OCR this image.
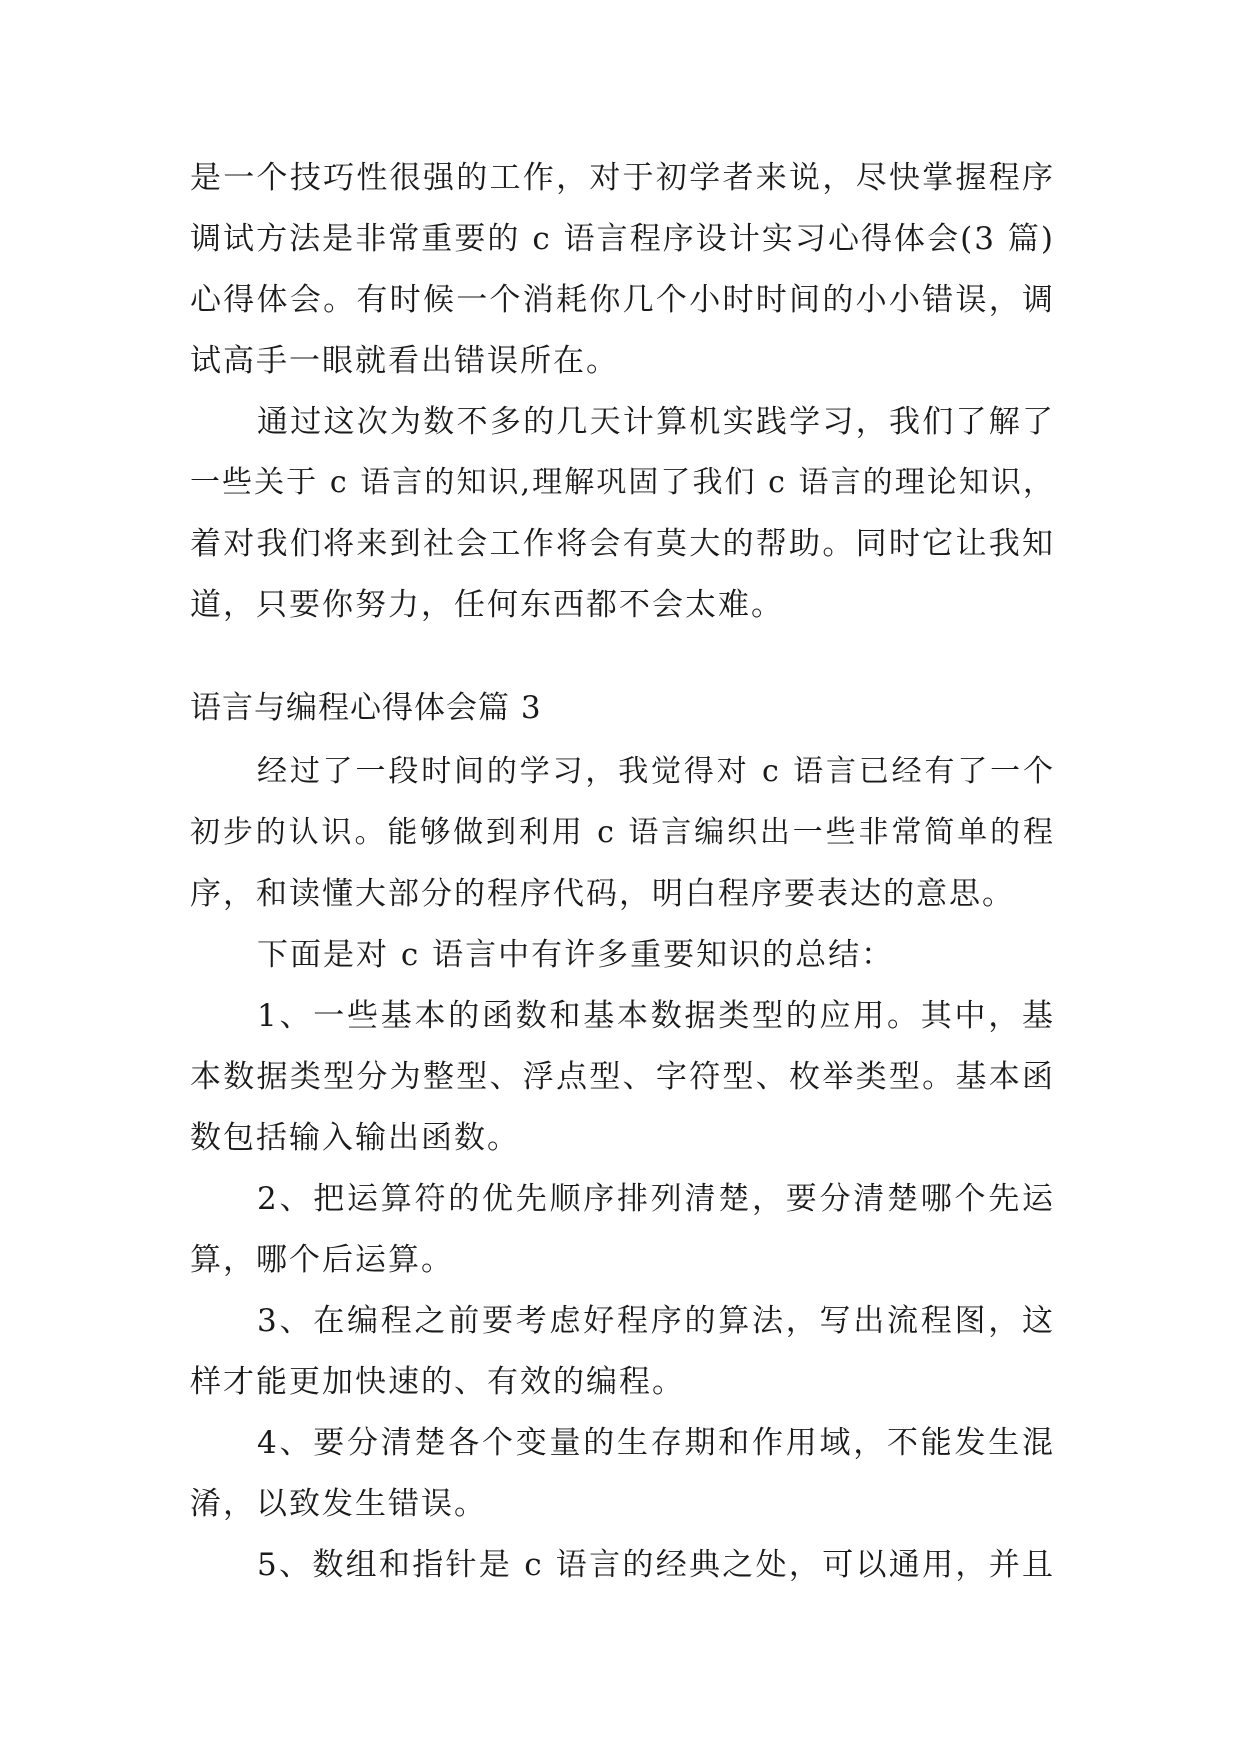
是一个技巧性很强的工作，对于初学者来说，尽快掌握程序
调试方法是非常重要的 c 语言程序设计实习心得体会(3 篇)
心得体会。有时候一个消耗你几个小时时间的小小错误，调
试高手一眼就看出错误所在。
通过这次为数不多的几天计算机实践学习，我们了解了
一些关于 c 语言的知识,理解巩固了我们 c 语言的理论知识，
着对我们将来到社会工作将会有莫大的帮助。同时它让我知
道，只要你努力，任何东西都不会太难。
语言与编程心得体会篇 3
经过了一段时间的学习，我觉得对 c 语言已经有了一个
初步的认识。能够做到利用 c 语言编织出一些非常简单的程
序，和读懂大部分的程序代码，明白程序要表达的意思。
下面是对 c 语言中有许多重要知识的总结：
1、一些基本的函数和基本数据类型的应用。其中，基
本数据类型分为整型、浮点型、字符型、枚举类型。基本函
数包括输入输出函数。
2、把运算符的优先顺序排列清楚，要分清楚哪个先运
算，哪个后运算。
3、在编程之前要考虑好程序的算法，写出流程图，这
样才能更加快速的、有效的编程。
4、要分清楚各个变量的生存期和作用域，不能发生混
淆，以致发生错误。
5、数组和指针是 c 语言的经典之处，可以通用，并且
